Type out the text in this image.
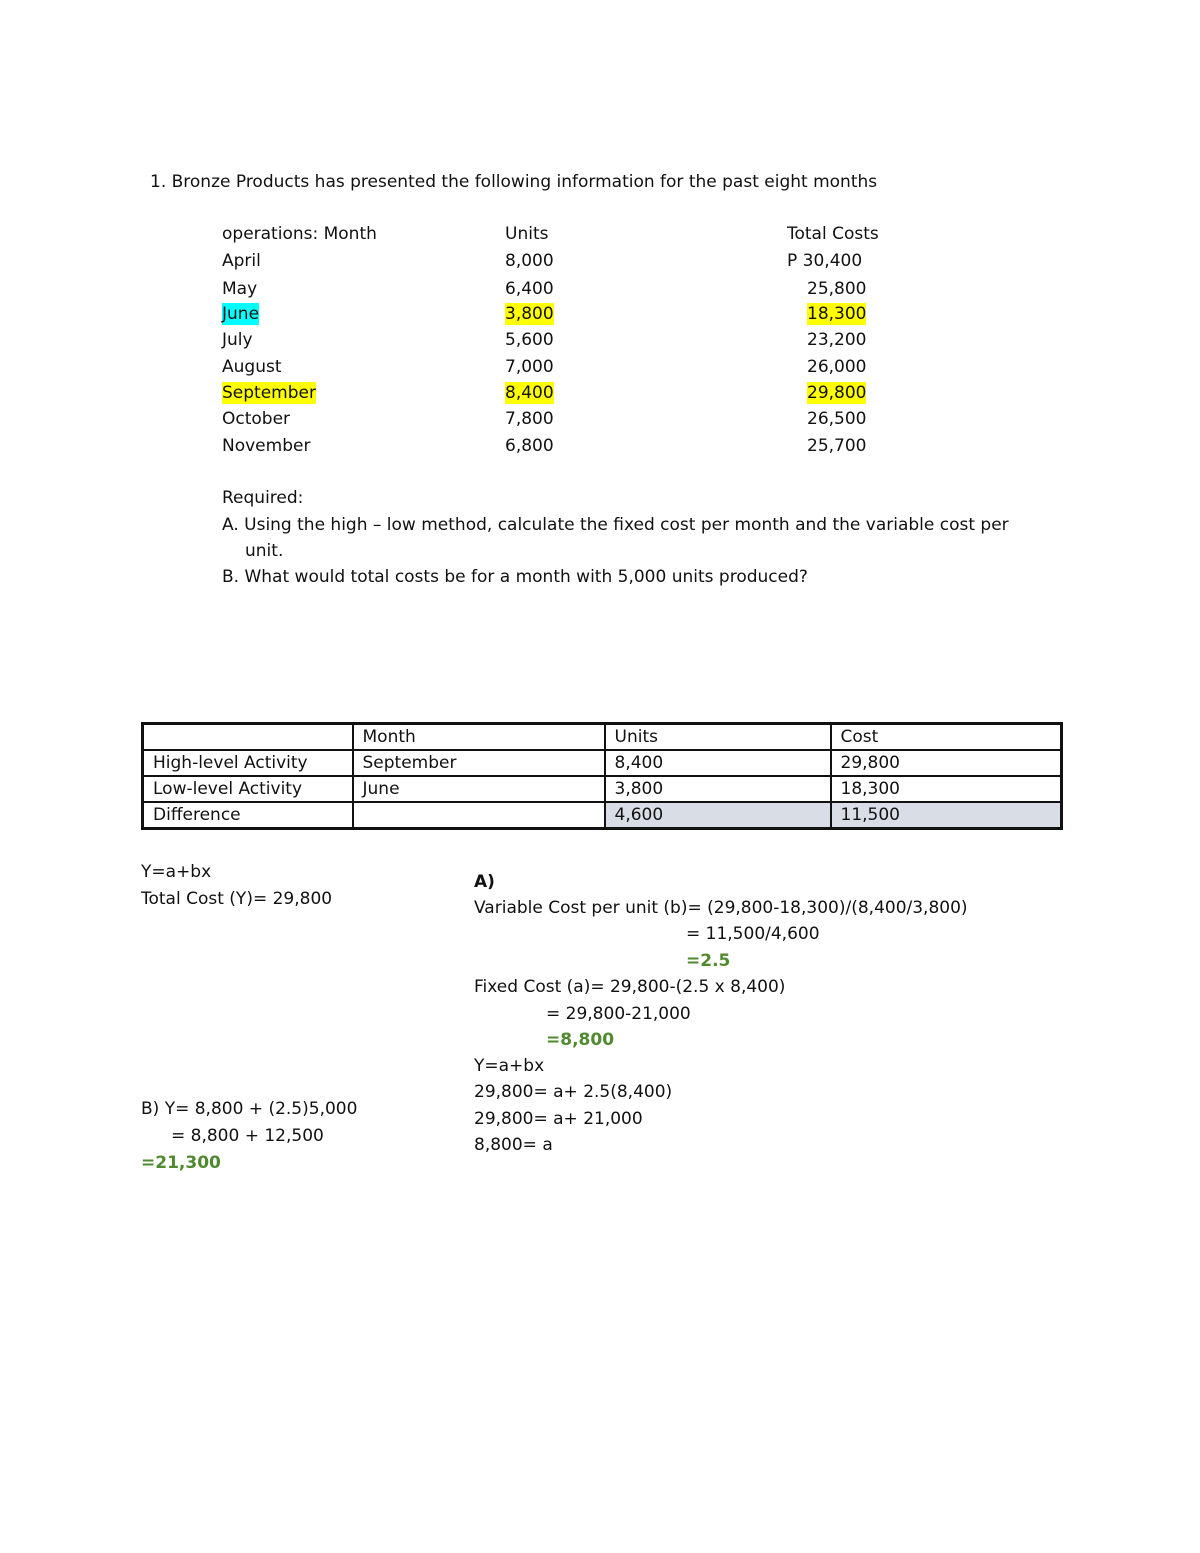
1. Bronze Products has presented the following information for the past eight months
operations: Month	Units	Total Costs
April	8,000	P 30,400
May	6,400	25,800
June	3,800	18,300
July	5,600	23,200
August	7,000	26,000
September	8,400	29,800
October	7,800	26,500
November	6,800	25,700
Required:
A. Using the high – low method, calculate the fixed cost per month and the variable cost per
unit.
B. What would total costs be for a month with 5,000 units produced?
	Month	Units	Cost
High-level Activity	September	8,400	29,800
Low-level Activity	June	3,800	18,300
Difference		4,600	11,500
Y=a+bx
Total Cost (Y)= 29,800
B) Y= 8,800 + (2.5)5,000
= 8,800 + 12,500
=21,300
A)
Variable Cost per unit (b)= (29,800-18,300)/(8,400/3,800)
= 11,500/4,600
=2.5
Fixed Cost (a)= 29,800-(2.5 x 8,400)
= 29,800-21,000
=8,800
Y=a+bx
29,800= a+ 2.5(8,400)
29,800= a+ 21,000
8,800= a
